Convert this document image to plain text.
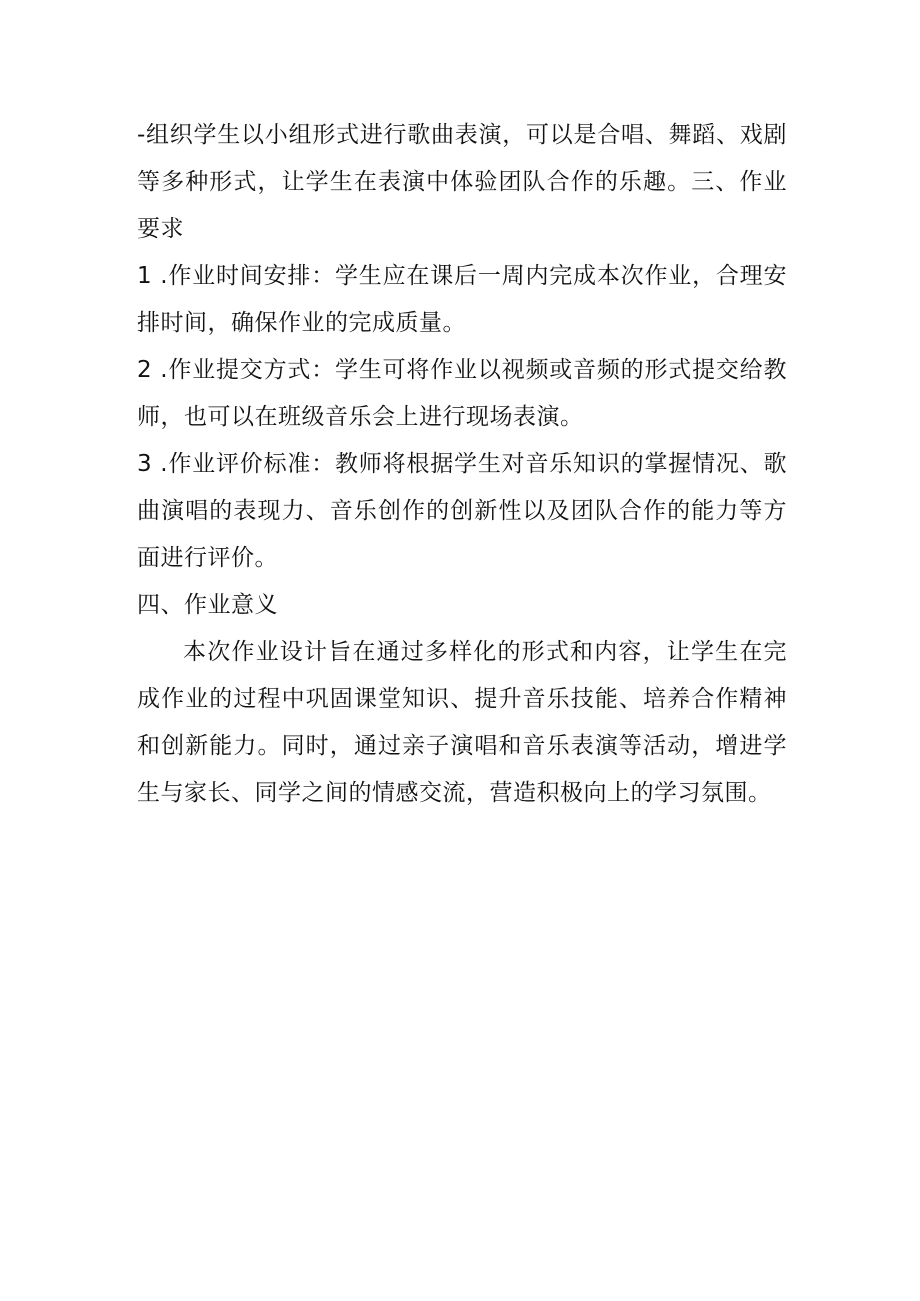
-组织学生以小组形式进行歌曲表演，可以是合唱、舞蹈、戏剧等多种形式，让学生在表演中体验团队合作的乐趣。三、作业要求

1 .作业时间安排：学生应在课后一周内完成本次作业，合理安排时间，确保作业的完成质量。

2 .作业提交方式：学生可将作业以视频或音频的形式提交给教师，也可以在班级音乐会上进行现场表演。

3 .作业评价标准：教师将根据学生对音乐知识的掌握情况、歌曲演唱的表现力、音乐创作的创新性以及团队合作的能力等方面进行评价。

四、作业意义

本次作业设计旨在通过多样化的形式和内容，让学生在完成作业的过程中巩固课堂知识、提升音乐技能、培养合作精神和创新能力。同时，通过亲子演唱和音乐表演等活动，增进学生与家长、同学之间的情感交流，营造积极向上的学习氛围。
